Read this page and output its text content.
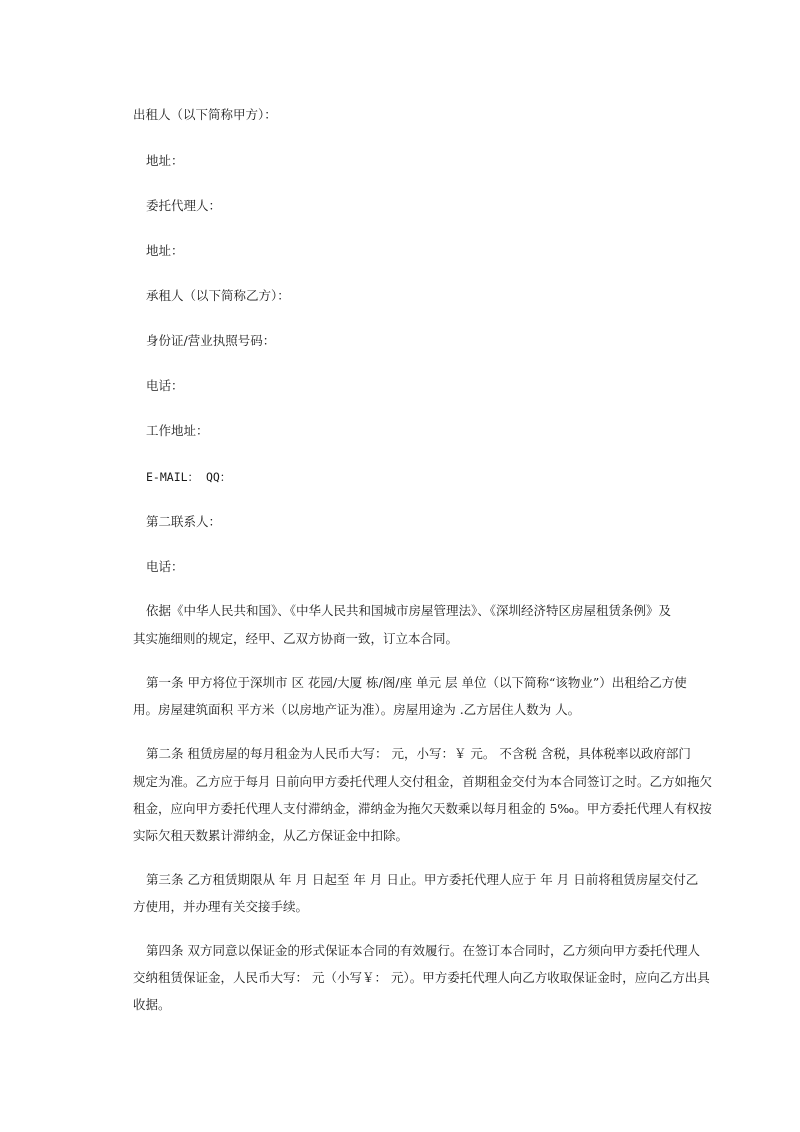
出租人（以下简称甲方）：
地址：
委托代理人：
地址：
承租人（以下简称乙方）：
身份证/营业执照号码：
电话：
工作地址：
E-MAIL： QQ：
第二联系人：
电话：
依据《中华人民共和国》、《中华人民共和国城市房屋管理法》、《深圳经济特区房屋租赁条例》及
其实施细则的规定，经甲、乙双方协商一致，订立本合同。
第一条 甲方将位于深圳市 区 花园/大厦 栋/阁/座 单元 层 单位（以下简称“该物业”）出租给乙方使
用。房屋建筑面积 平方米（以房地产证为准）。房屋用途为 .乙方居住人数为 人。
第二条 租赁房屋的每月租金为人民币大写： 元，小写：￥ 元。 不含税 含税，具体税率以政府部门
规定为准。乙方应于每月 日前向甲方委托代理人交付租金，首期租金交付为本合同签订之时。乙方如拖欠
租金，应向甲方委托代理人支付滞纳金，滞纳金为拖欠天数乘以每月租金的 5‰。甲方委托代理人有权按
实际欠租天数累计滞纳金，从乙方保证金中扣除。
第三条 乙方租赁期限从 年 月 日起至 年 月 日止。甲方委托代理人应于 年 月 日前将租赁房屋交付乙
方使用，并办理有关交接手续。
第四条 双方同意以保证金的形式保证本合同的有效履行。在签订本合同时，乙方须向甲方委托代理人
交纳租赁保证金，人民币大写： 元（小写￥： 元）。甲方委托代理人向乙方收取保证金时，应向乙方出具
收据。
